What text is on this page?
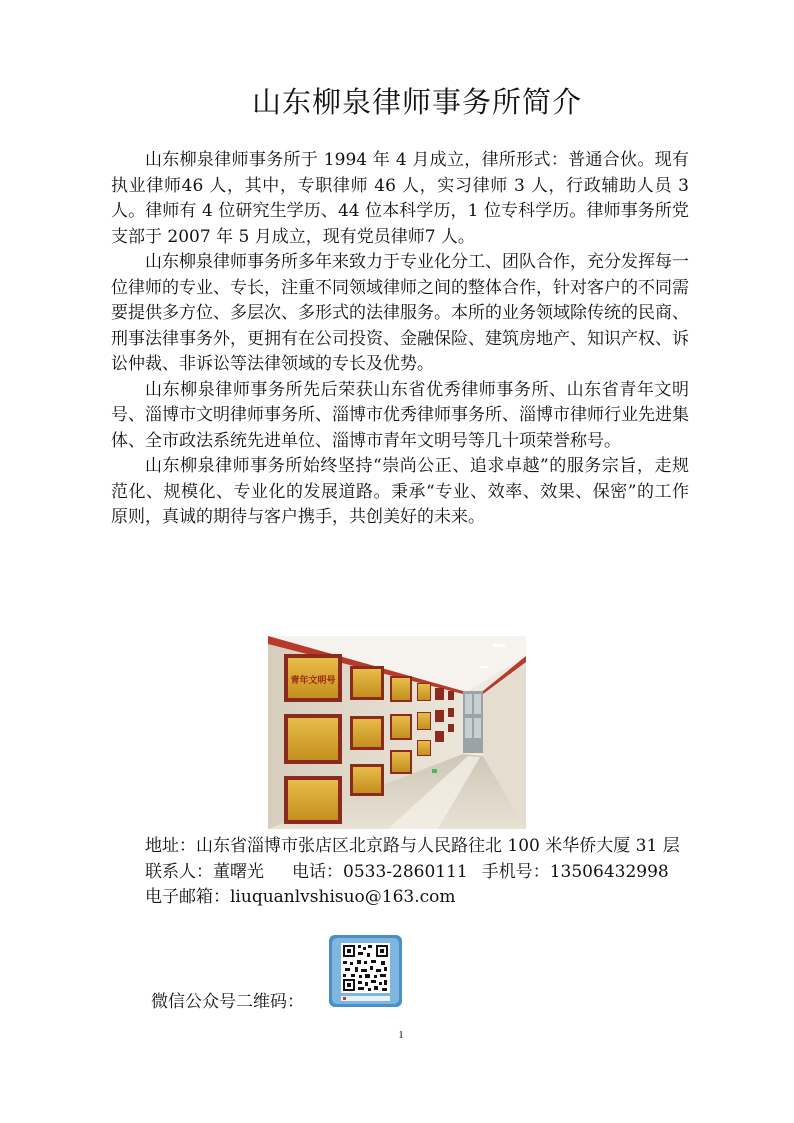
山东柳泉律师事务所简介

山东柳泉律师事务所于 1994 年 4 月成立，律所形式：普通合伙。现有执业律师46 人，其中，专职律师 46 人，实习律师 3 人，行政辅助人员 3 人。律师有 4 位研究生学历、44 位本科学历，1 位专科学历。律师事务所党支部于 2007 年 5 月成立，现有党员律师7 人。

山东柳泉律师事务所多年来致力于专业化分工、团队合作，充分发挥每一位律师的专业、专长，注重不同领域律师之间的整体合作，针对客户的不同需要提供多方位、多层次、多形式的法律服务。本所的业务领域除传统的民商、刑事法律事务外，更拥有在公司投资、金融保险、建筑房地产、知识产权、诉讼仲裁、非诉讼等法律领域的专长及优势。

山东柳泉律师事务所先后荣获山东省优秀律师事务所、山东省青年文明号、淄博市文明律师事务所、淄博市优秀律师事务所、淄博市律师行业先进集体、全市政法系统先进单位、淄博市青年文明号等几十项荣誉称号。

山东柳泉律师事务所始终坚持“崇尚公正、追求卓越”的服务宗旨，走规范化、规模化、专业化的发展道路。秉承“专业、效率、效果、保密”的工作原则，真诚的期待与客户携手，共创美好的未来。

青年文明号

地址：山东省淄博市张店区北京路与人民路往北 100 米华侨大厦 31 层

联系人：董曙光 电话：0533-2860111 手机号：13506432998

电子邮箱：liuquanlvshisuo@163.com

微信公众号二维码：
1
